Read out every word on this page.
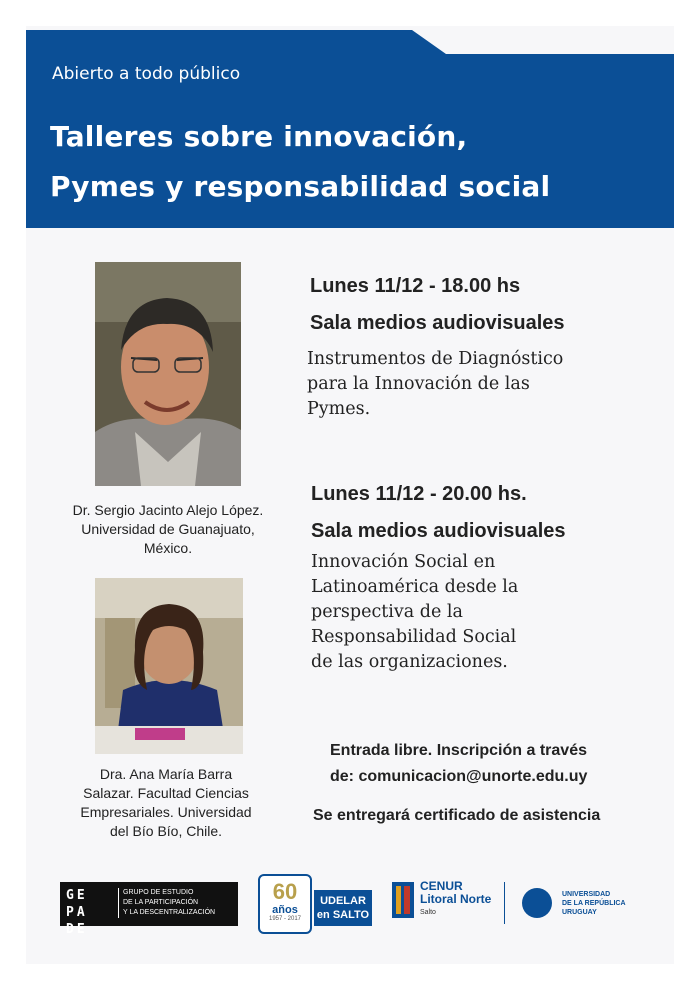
Abierto a todo público
Talleres sobre innovación,
Pymes y responsabilidad social
Dr. Sergio Jacinto Alejo López.
Universidad de Guanajuato,
México.
Dra. Ana María Barra
Salazar. Facultad Ciencias
Empresariales. Universidad
del Bío Bío, Chile.
Lunes 11/12 - 18.00 hs
Sala medios audiovisuales
Instrumentos de Diagnóstico
para la Innovación de las
Pymes.
Lunes 11/12 - 20.00 hs.
Sala medios audiovisuales
Innovación Social en
Latinoamérica desde la
perspectiva de la
Responsabilidad Social
de las organizaciones.
Entrada libre. Inscripción a través
de: comunicacion@unorte.edu.uy
Se entregará certificado de asistencia
GE
PA
DE
GRUPO DE ESTUDIO
DE LA PARTICIPACIÓN
Y LA DESCENTRALIZACIÓN
60
años
1957 - 2017
UDELAR
en SALTO
CENUR
Litoral Norte
Salto
UNIVERSIDAD
DE LA REPÚBLICA
URUGUAY
